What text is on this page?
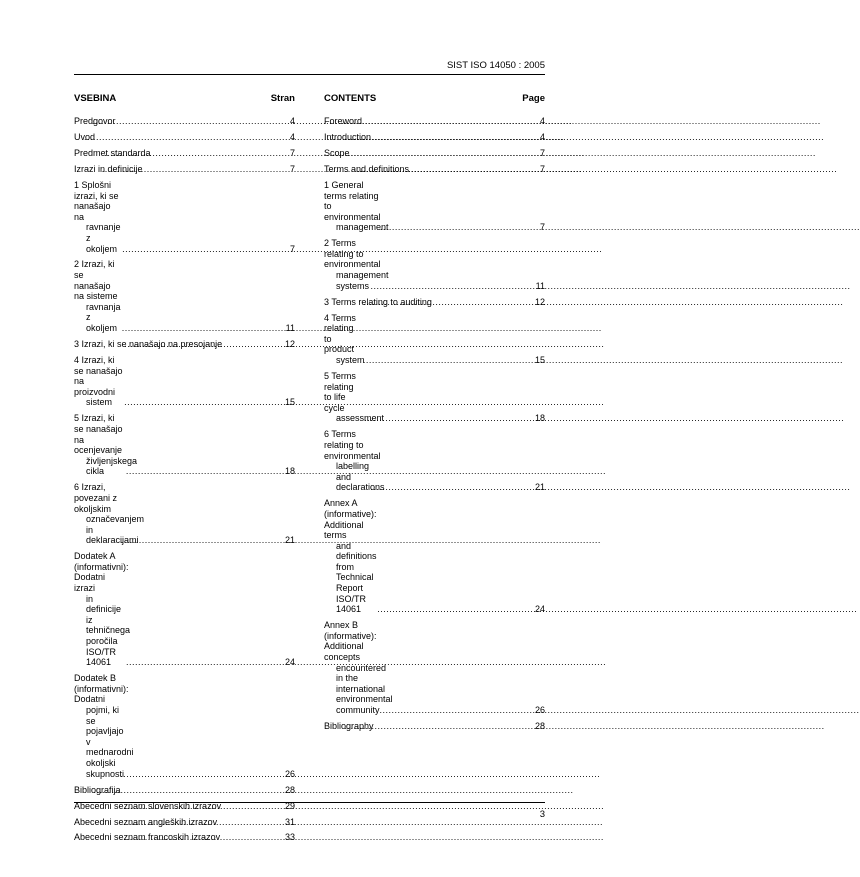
SIST ISO 14050 : 2005
VSEBINA	Stran
Predgovor .....	4
Uvod .....	4
Predmet standarda .....	7
Izrazi in definicije .....	7
1 Splošni izrazi, ki se nanašajo na
ravnanje z okoljem .....	7
2 Izrazi, ki se nanašajo na sisteme
ravnanja z okoljem .....	11
3 Izrazi, ki se nanašajo na presojanje .....	12
4 Izrazi, ki se nanašajo na proizvodni
sistem .....	15
5 Izrazi, ki se nanašajo na ocenjevanje
življenjskega cikla .....	18
6 Izrazi, povezani z okoljskim
označevanjem in deklaracijami .....	21
Dodatek A (informativni): Dodatni izrazi
in definicije iz tehničnega poročila
ISO/TR 14061 .....	24
Dodatek B (informativni): Dodatni
pojmi, ki se pojavljajo v
mednarodni okoljski skupnosti .....	26
Bibliografija .....	28
Abecedni seznam slovenskih izrazov .....	29
Abecedni seznam angleških izrazov .....	31
Abecedni seznam francoskih izrazov .....	33
CONTENTS	Page
Foreword .....	4
Introduction .....	4
Scope .....	7
Terms and definitions .....	7
1 General terms relating to environmental
management .....	7
2 Terms relating to environmental
management systems .....	11
3 Terms relating to auditing .....	12
4 Terms relating to product
system .....	15
5 Terms relating to life cycle
assessment .....	18
6 Terms relating to environmental
labelling and declarations .....	21
Annex A (informative): Additional terms
and definitions from Technical Report
ISO/TR 14061 .....	24
Annex B (informative): Additional concepts
encountered in the international
environmental community .....	26
Bibliography .....	28
3
